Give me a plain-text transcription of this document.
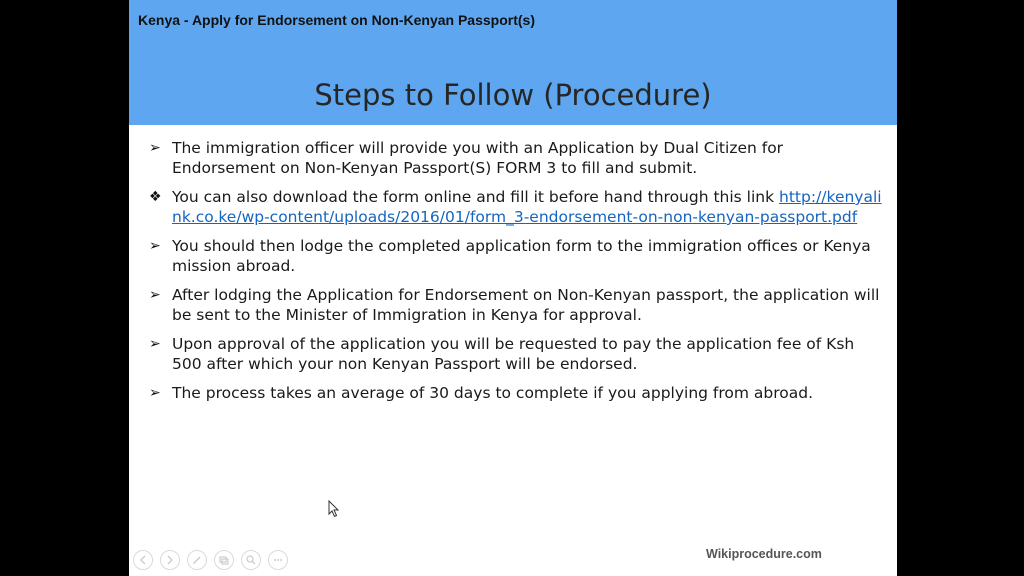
Kenya - Apply for Endorsement on Non-Kenyan Passport(s)
Steps to Follow (Procedure)
➢ The immigration officer will provide you with an Application by Dual Citizen for Endorsement on Non-Kenyan Passport(S) FORM 3 to fill and submit.
❖ You can also download the form online and fill it before hand through this link http://kenyalink.co.ke/wp-content/uploads/2016/01/form_3-endorsement-on-non-kenyan-passport.pdf
➢ You should then lodge the completed application form to the immigration offices or Kenya mission abroad.
➢ After lodging the Application for Endorsement on Non-Kenyan passport, the application will be sent to the Minister of Immigration in Kenya for approval.
➢ Upon approval of the application you will be requested to pay the application fee of Ksh 500 after which your non Kenyan Passport will be endorsed.
➢ The process takes an average of 30 days to complete if you applying from abroad.
Wikiprocedure.com
